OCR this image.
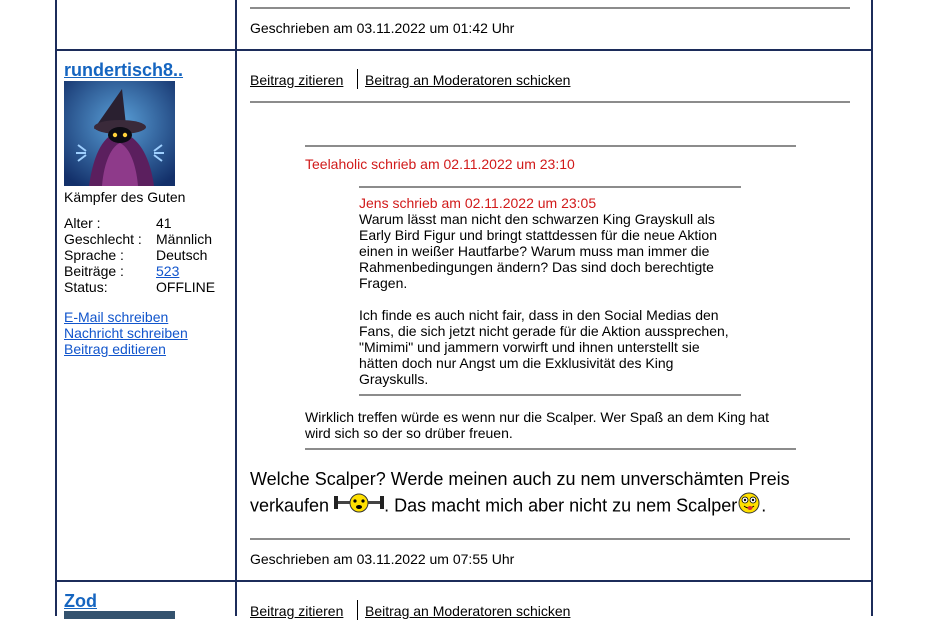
Geschrieben am 03.11.2022 um 01:42 Uhr
rundertisch8..
Kämpfer des Guten
Alter :	41
Geschlecht : Männlich
Sprache : Deutsch
Beiträge : 523
Status:	OFFLINE
E-Mail schreiben
Nachricht schreiben
Beitrag editieren
Beitrag zitieren Beitrag an Moderatoren schicken
Teelaholic schrieb am 02.11.2022 um 23:10
Jens schrieb am 02.11.2022 um 23:05
Warum lässt man nicht den schwarzen King Grayskull als
Early Bird Figur und bringt stattdessen für die neue Aktion
einen in weißer Hautfarbe? Warum muss man immer die
Rahmenbedingungen ändern? Das sind doch berechtigte
Fragen.
Ich finde es auch nicht fair, dass in den Social Medias den
Fans, die sich jetzt nicht gerade für die Aktion aussprechen,
"Mimimi" und jammern vorwirft und ihnen unterstellt sie
hätten doch nur Angst um die Exklusivität des King
Grayskulls.
Wirklich treffen würde es wenn nur die Scalper. Wer Spaß an dem King hat
wird sich so der so drüber freuen.
Welche Scalper? Werde meinen auch zu nem unverschämten Preis
verkaufen	. Das macht mich aber nicht zu nem Scalper .
Geschrieben am 03.11.2022 um 07:55 Uhr
Zod	Beitrag zitieren Beitrag an Moderatoren schicken
